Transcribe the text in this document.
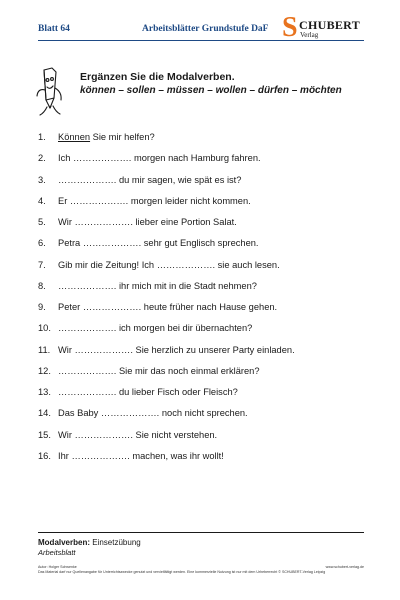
Blatt 64	Arbeitsblätter Grundstufe DaF S CHUBERT
Verlag
Ergänzen Sie die Modalverben.
können – sollen – müssen – wollen – dürfen – möchten
1. Können Sie mir helfen?
2. Ich ………………. morgen nach Hamburg fahren.
3. ………………. du mir sagen, wie spät es ist?
4. Er ………………. morgen leider nicht kommen.
5. Wir ………………. lieber eine Portion Salat.
6. Petra ………………. sehr gut Englisch sprechen.
7. Gib mir die Zeitung! Ich ………………. sie auch lesen.
8. ………………. ihr mich mit in die Stadt nehmen?
9. Peter ………………. heute früher nach Hause gehen.
10. ………………. ich morgen bei dir übernachten?
11. Wir ………………. Sie herzlich zu unserer Party einladen.
12. ………………. Sie mir das noch einmal erklären?
13. ………………. du lieber Fisch oder Fleisch?
14. Das Baby ………………. noch nicht sprechen.
15. Wir ………………. Sie nicht verstehen.
16. Ihr ………………. machen, was ihr wollt!
Modalverben: Einsetzübung
Arbeitsblatt
Autor: Holger Schwenke
Das Material darf nur Quellenangabe für Unterrichtszwecke genutzt und vervielfältigt werden. Eine kommerzielle Nutzung ist nur mit dem Urheberrecht © SCHUBERT-Verlag Leipzig
www.schubert-verlag.de
